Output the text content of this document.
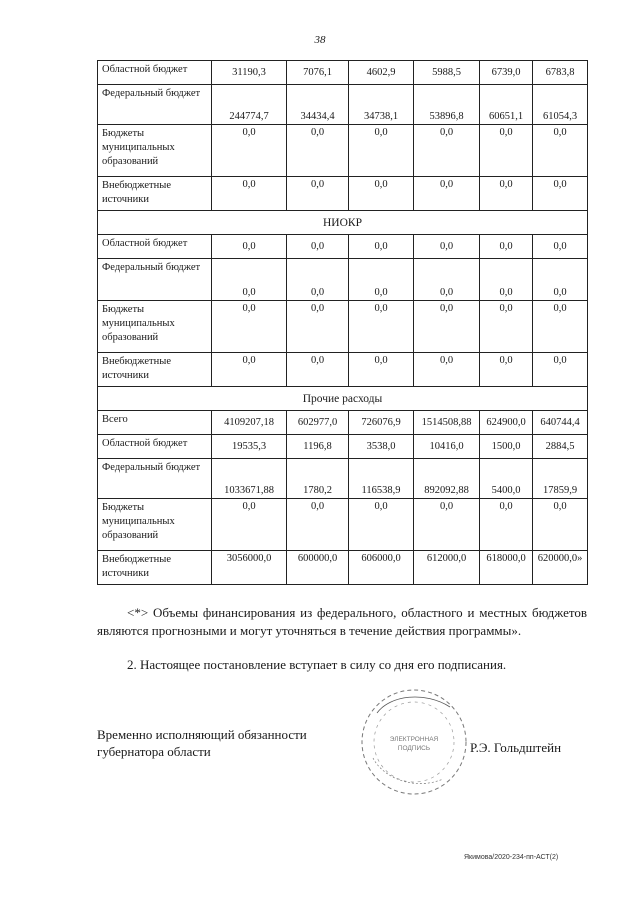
38
Областной бюджет	31190,3	7076,1	4602,9	5988,5	6739,0	6783,8
Федеральный бюджет	244774,7	34434,4	34738,1	53896,8	60651,1	61054,3
Бюджеты муниципальных образований	0,0	0,0	0,0	0,0	0,0	0,0
Внебюджетные источники	0,0	0,0	0,0	0,0	0,0	0,0
НИОКР						
Областной бюджет	0,0	0,0	0,0	0,0	0,0	0,0
Федеральный бюджет	0,0	0,0	0,0	0,0	0,0	0,0
Бюджеты муниципальных образований	0,0	0,0	0,0	0,0	0,0	0,0
Внебюджетные источники	0,0	0,0	0,0	0,0	0,0	0,0
Прочие расходы						
Всего	4109207,18	602977,0	726076,9	1514508,88	624900,0	640744,4
Областной бюджет	19535,3	1196,8	3538,0	10416,0	1500,0	2884,5
Федеральный бюджет	1033671,88	1780,2	116538,9	892092,88	5400,0	17859,9
Бюджеты муниципальных образований	0,0	0,0	0,0	0,0	0,0	0,0
Внебюджетные источники	3056000,0	600000,0	606000,0	612000,0	618000,0	620000,0»
<*> Объемы финансирования из федерального, областного и местных бюджетов являются прогнозными и могут уточняться в течение действия программы».
2. Настоящее постановление вступает в силу со дня его подписания.
Временно исполняющий обязанности губернатора области
ЭЛЕКТРОННАЯ
ПОДПИСЬ	Р.Э. Гольдштейн
Якимова/2020-234-пп-АСТ(2)
